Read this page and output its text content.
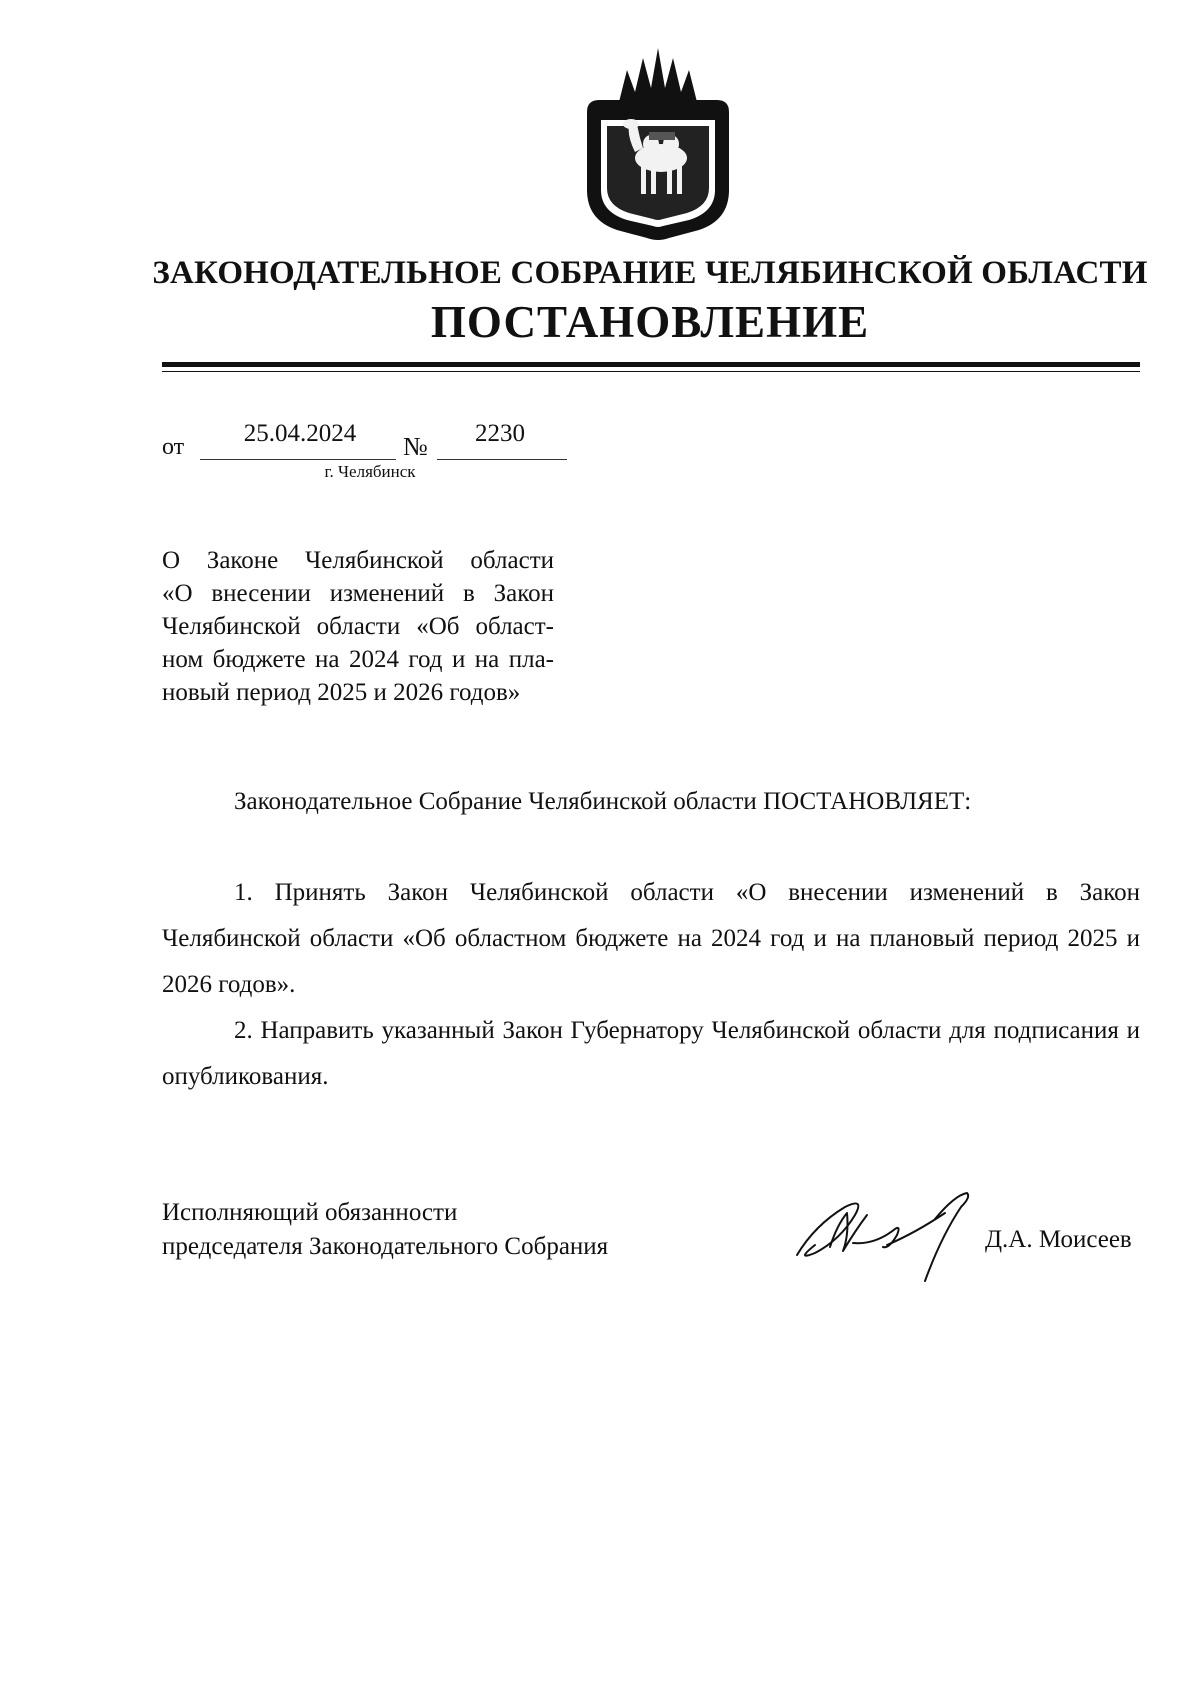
ЗАКОНОДАТЕЛЬНОЕ СОБРАНИЕ ЧЕЛЯБИНСКОЙ ОБЛАСТИ
ПОСТАНОВЛЕНИЕ
от	25.04.2024	№	2230
г. Челябинск
О Законе Челябинской области
«О внесении изменений в Закон
Челябинской области «Об област-
ном бюджете на 2024 год и на пла-
новый период 2025 и 2026 годов»
Законодательное Собрание Челябинской области ПОСТАНОВЛЯЕТ:

1. Принять Закон Челябинской области «О внесении изменений в Закон Челябинской области «Об областном бюджете на 2024 год и на плановый период 2025 и 2026 годов».

2. Направить указанный Закон Губернатору Челябинской области для подписания и опубликования.

Исполняющий обязанности
председателя Законодательного Собрания	Д.А. Моисеев
